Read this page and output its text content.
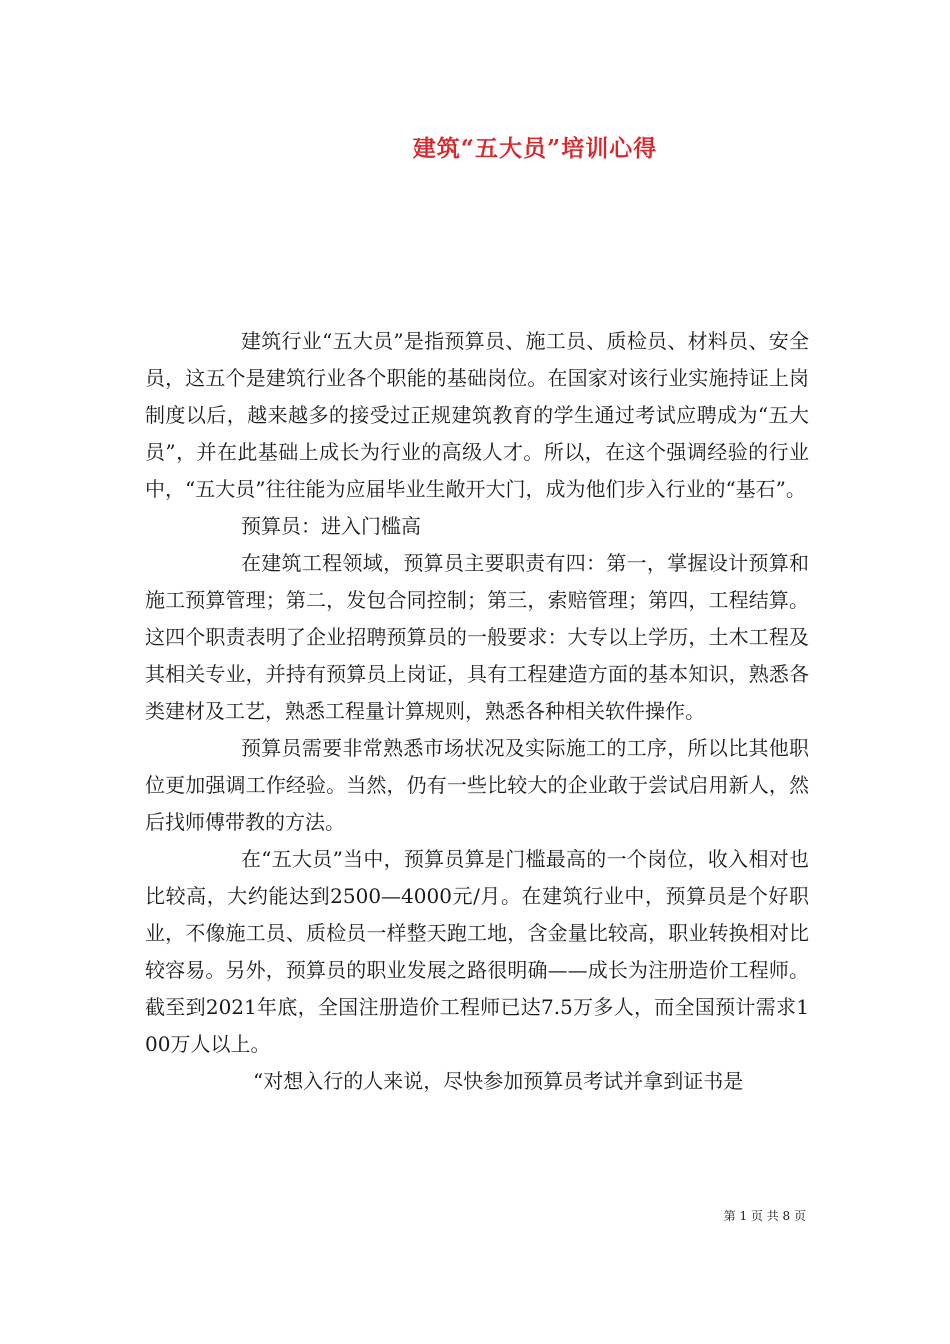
建筑“五大员”培训心得

建筑行业“五大员”是指预算员、施工员、质检员、材料员、安全员，这五个是建筑行业各个职能的基础岗位。在国家对该行业实施持证上岗制度以后，越来越多的接受过正规建筑教育的学生通过考试应聘成为“五大员”，并在此基础上成长为行业的高级人才。所以，在这个强调经验的行业中，“五大员”往往能为应届毕业生敞开大门，成为他们步入行业的“基石”。

预算员：进入门槛高

在建筑工程领域，预算员主要职责有四：第一，掌握设计预算和施工预算管理；第二，发包合同控制；第三，索赔管理；第四，工程结算。这四个职责表明了企业招聘预算员的一般要求：大专以上学历，土木工程及其相关专业，并持有预算员上岗证，具有工程建造方面的基本知识，熟悉各类建材及工艺，熟悉工程量计算规则，熟悉各种相关软件操作。

预算员需要非常熟悉市场状况及实际施工的工序，所以比其他职位更加强调工作经验。当然，仍有一些比较大的企业敢于尝试启用新人，然后找师傅带教的方法。

在“五大员”当中，预算员算是门槛最高的一个岗位，收入相对也比较高，大约能达到2500—4000元/月。在建筑行业中，预算员是个好职业，不像施工员、质检员一样整天跑工地，含金量比较高，职业转换相对比较容易。另外，预算员的职业发展之路很明确——成长为注册造价工程师。截至到2021年底，全国注册造价工程师已达7.5万多人，而全国预计需求100万人以上。

“对想入行的人来说，尽快参加预算员考试并拿到证书是

第 1 页 共 8 页
